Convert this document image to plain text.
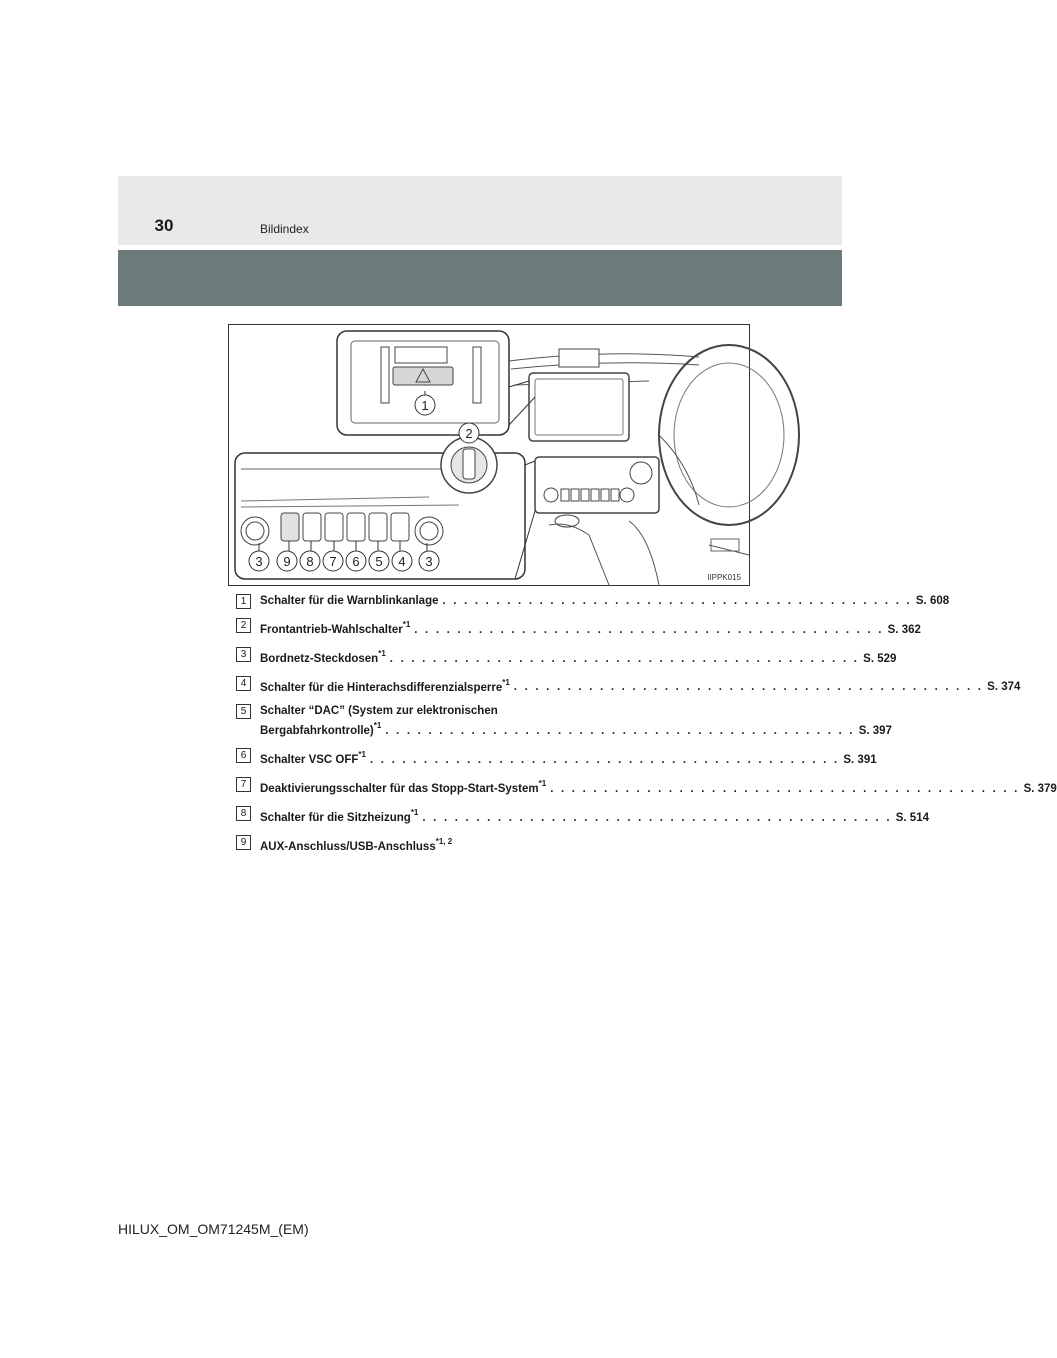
30	Bildindex
1
2
3 9 8 7 6 5 4 3
IIPPK015
1	Schalter für die Warnblinkanlage . . . . . . . . . . . . . . . . . . . . . . . . . . . . . . . . . . . . . . . . . . . . S. 608
2	Frontantrieb-Wahlschalter$^{*1}$ . . . . . . . . . . . . . . . . . . . . . . . . . . . . . . . . . . . . . . . . . . . . S. 362
3	Bordnetz-Steckdosen$^{*1}$ . . . . . . . . . . . . . . . . . . . . . . . . . . . . . . . . . . . . . . . . . . . . S. 529
4	Schalter für die Hinterachsdifferenzialsperre$^{*1}$ . . . . . . . . . . . . . . . . . . . . . . . . . . . . . . . . . . . . . . . . . . . . S. 374
5	Schalter “DAC” (System zur elektronischen
Bergabfahrkontrolle)$^{*1}$ . . . . . . . . . . . . . . . . . . . . . . . . . . . . . . . . . . . . . . . . . . . . S. 397
6	Schalter VSC OFF$^{*1}$ . . . . . . . . . . . . . . . . . . . . . . . . . . . . . . . . . . . . . . . . . . . . S. 391
7	Deaktivierungsschalter für das Stopp-Start-System$^{*1}$ . . . . . . . . . . . . . . . . . . . . . . . . . . . . . . . . . . . . . . . . . . . . S. 379
8	Schalter für die Sitzheizung$^{*1}$ . . . . . . . . . . . . . . . . . . . . . . . . . . . . . . . . . . . . . . . . . . . . S. 514
9	AUX-Anschluss/USB-Anschluss$^{*1, 2}$
HILUX_OM_OM71245M_(EM)
